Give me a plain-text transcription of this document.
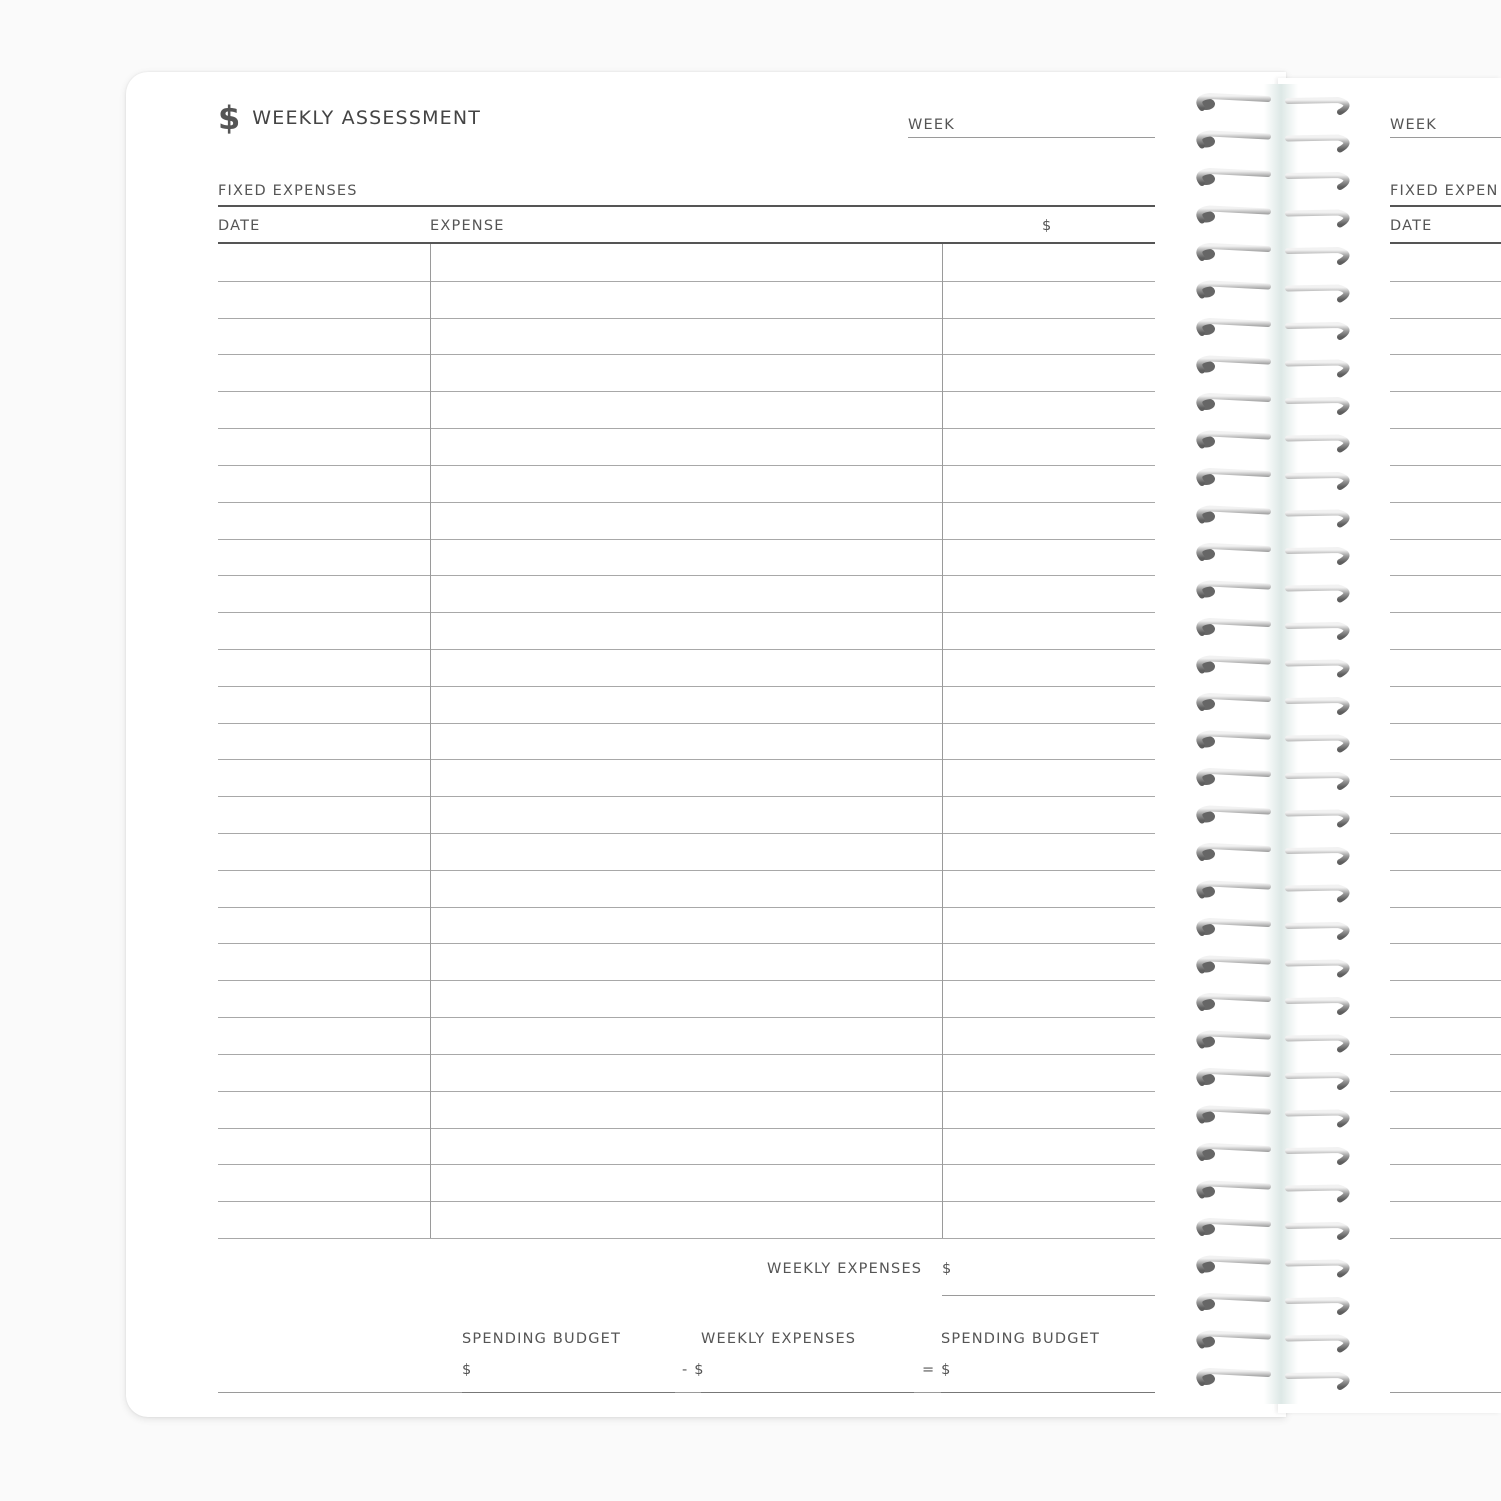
$ WEEKLY ASSESSMENT	WEEK
FIXED EXPENSES
DATE	EXPENSE	$
WEEKLY EXPENSES $
SPENDING BUDGET	WEEKLY EXPENSES	SPENDING BUDGET
$	- $	= $
WEEK
FIXED EXPEN
DATE
